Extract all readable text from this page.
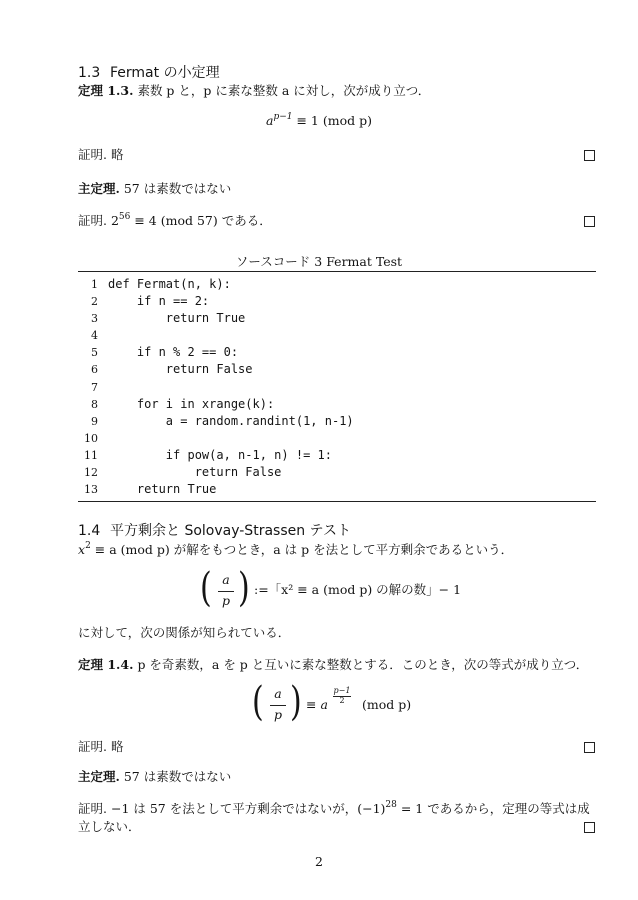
1.3 Fermat の小定理
定理 1.3. 素数 p と，p に素な整数 a に対し，次が成り立つ．
$a^{p-1} \equiv 1$ (mod p)
証明. 略
主定理. 57 は素数ではない
証明. $2^{56} \equiv 4$ (mod 57) である．
ソースコード 3 Fermat Test
1 def Fermat(n, k):
2 if n == 2:
3 return True
4
5 if n % 2 == 0:
6 return False
7
8 for i in xrange(k):
9 a = random.randint(1, n-1)
10
11 if pow(a, n-1, n) != 1:
12 return False
13 return True
1.4 平方剰余と Solovay-Strassen テスト
$x^2 \equiv a$ (mod p) が解をもつとき，a は p を法として平方剰余であるという．
( a
p ) :=「x² ≡ a (mod p) の解の数」− 1
に対して，次の関係が知られている．
定理 1.4. p を奇素数，a を p と互いに素な整数とする．このとき，次の等式が成り立つ．
( a
p ) ≡ a
p−1
2	(mod p)
証明. 略
主定理. 57 は素数ではない
証明. −1 は 57 を法として平方剰余ではないが，$(-1)^{28} = 1$ であるから，定理の等式は成
立しない．
2
